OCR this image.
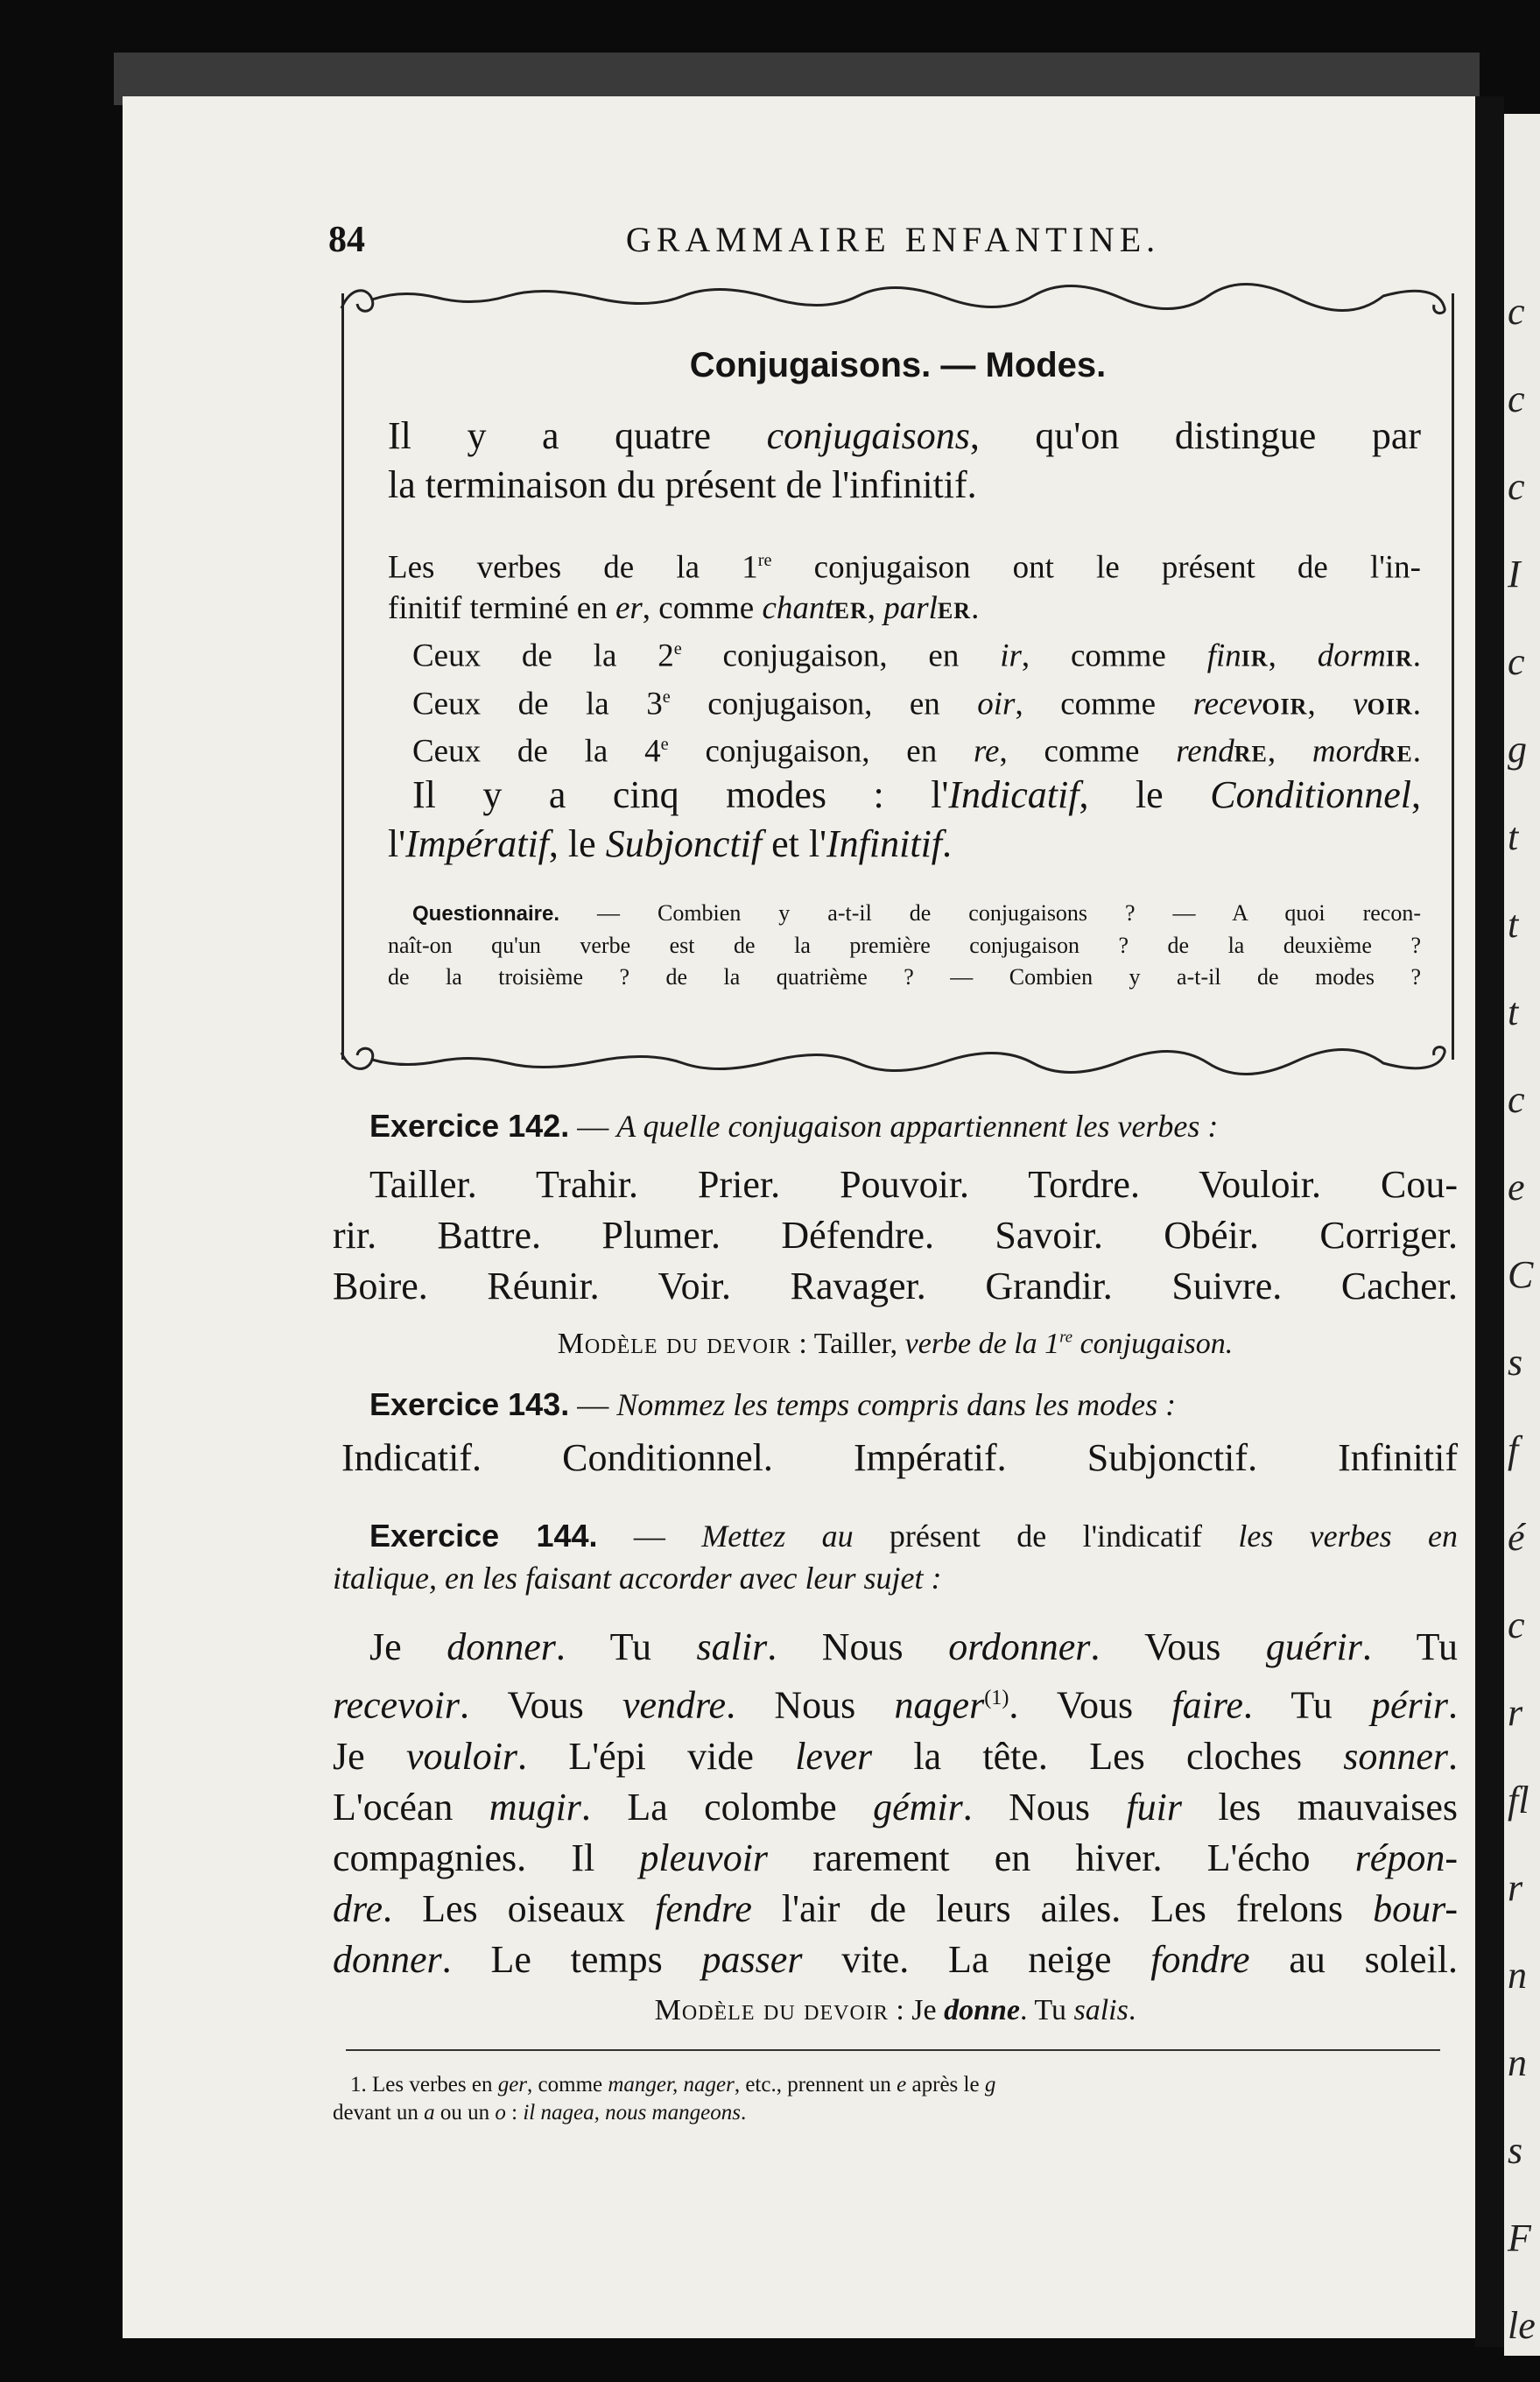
c
c
c
I
c
g
t
t
t
c
e
C
s
f
é
c
r
fl
r
n
n
s
F
le
84	GRAMMAIRE ENFANTINE.
Conjugaisons. — Modes.
Il y a quatre conjugaisons, qu'on distingue par
la terminaison du présent de l'infinitif.
Les verbes de la 1re conjugaison ont le présent de l'in-
finitif terminé en er, comme chanter, parler.
Ceux de la 2e conjugaison, en ir, comme finir, dormir.
Ceux de la 3e conjugaison, en oir, comme recevoir, voir.
Ceux de la 4e conjugaison, en re, comme rendre, mordre.
Il y a cinq modes : l'Indicatif, le Conditionnel,
l'Impératif, le Subjonctif et l'Infinitif.
Questionnaire. — Combien y a-t-il de conjugaisons ? — A quoi recon-
naît-on qu'un verbe est de la première conjugaison ? de la deuxième ?
de la troisième ? de la quatrième ? — Combien y a-t-il de modes ?
Exercice 142. — A quelle conjugaison appartiennent les verbes :
Tailler. Trahir. Prier. Pouvoir. Tordre. Vouloir. Cou-
rir. Battre. Plumer. Défendre. Savoir. Obéir. Corriger.
Boire. Réunir. Voir. Ravager. Grandir. Suivre. Cacher.
Modèle du devoir : Tailler, verbe de la 1re conjugaison.
Exercice 143. — Nommez les temps compris dans les modes :
Indicatif. Conditionnel. Impératif. Subjonctif. Infinitif
Exercice 144. — Mettez au présent de l'indicatif les verbes en
italique, en les faisant accorder avec leur sujet :
Je donner. Tu salir. Nous ordonner. Vous guérir. Tu
recevoir. Vous vendre. Nous nager$^{(1)}$. Vous faire. Tu périr.
Je vouloir. L'épi vide lever la tête. Les cloches sonner.
L'océan mugir. La colombe gémir. Nous fuir les mauvaises
compagnies. Il pleuvoir rarement en hiver. L'écho répon-
dre. Les oiseaux fendre l'air de leurs ailes. Les frelons bour-
donner. Le temps passer vite. La neige fondre au soleil.
Modèle du devoir : Je donne. Tu salis.
1. Les verbes en ger, comme manger, nager, etc., prennent un e après le g
devant un a ou un o : il nagea, nous mangeons.
